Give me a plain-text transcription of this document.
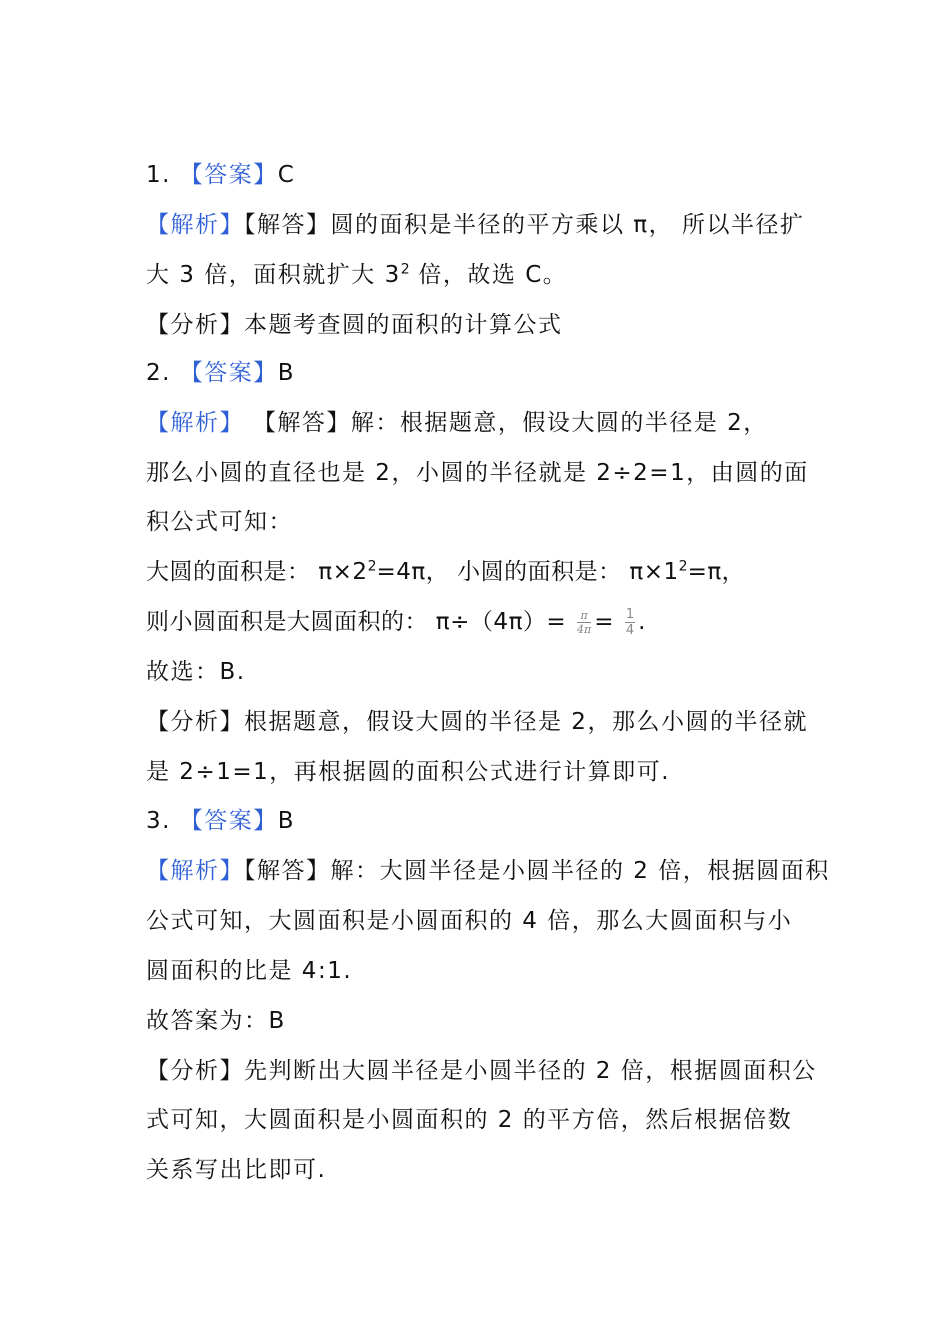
1. 【答案】C
【解析】【解答】圆的面积是半径的平方乘以 π， 所以半径扩
大 3 倍，面积就扩大 $3^2$ 倍，故选 C。
【分析】本题考查圆的面积的计算公式
2. 【答案】B
【解析】 【解答】解：根据题意，假设大圆的半径是 2，
那么小圆的直径也是 2，小圆的半径就是 2÷2=1，由圆的面
积公式可知：
大圆的面积是： $\pi\times 2^2=4\pi$， 小圆的面积是： $\pi\times 1^2=\pi$，
则小圆面积是大圆面积的： $\pi\div(4\pi)= \frac{\pi}{4\pi} = \frac{1}{4}$ .
故选：B.
【分析】根据题意，假设大圆的半径是 2，那么小圆的半径就
是 2÷1=1，再根据圆的面积公式进行计算即可.
3. 【答案】B
【解析】【解答】解：大圆半径是小圆半径的 2 倍，根据圆面积
公式可知，大圆面积是小圆面积的 4 倍，那么大圆面积与小
圆面积的比是 4:1.
故答案为：B
【分析】先判断出大圆半径是小圆半径的 2 倍，根据圆面积公
式可知，大圆面积是小圆面积的 2 的平方倍，然后根据倍数
关系写出比即可.
